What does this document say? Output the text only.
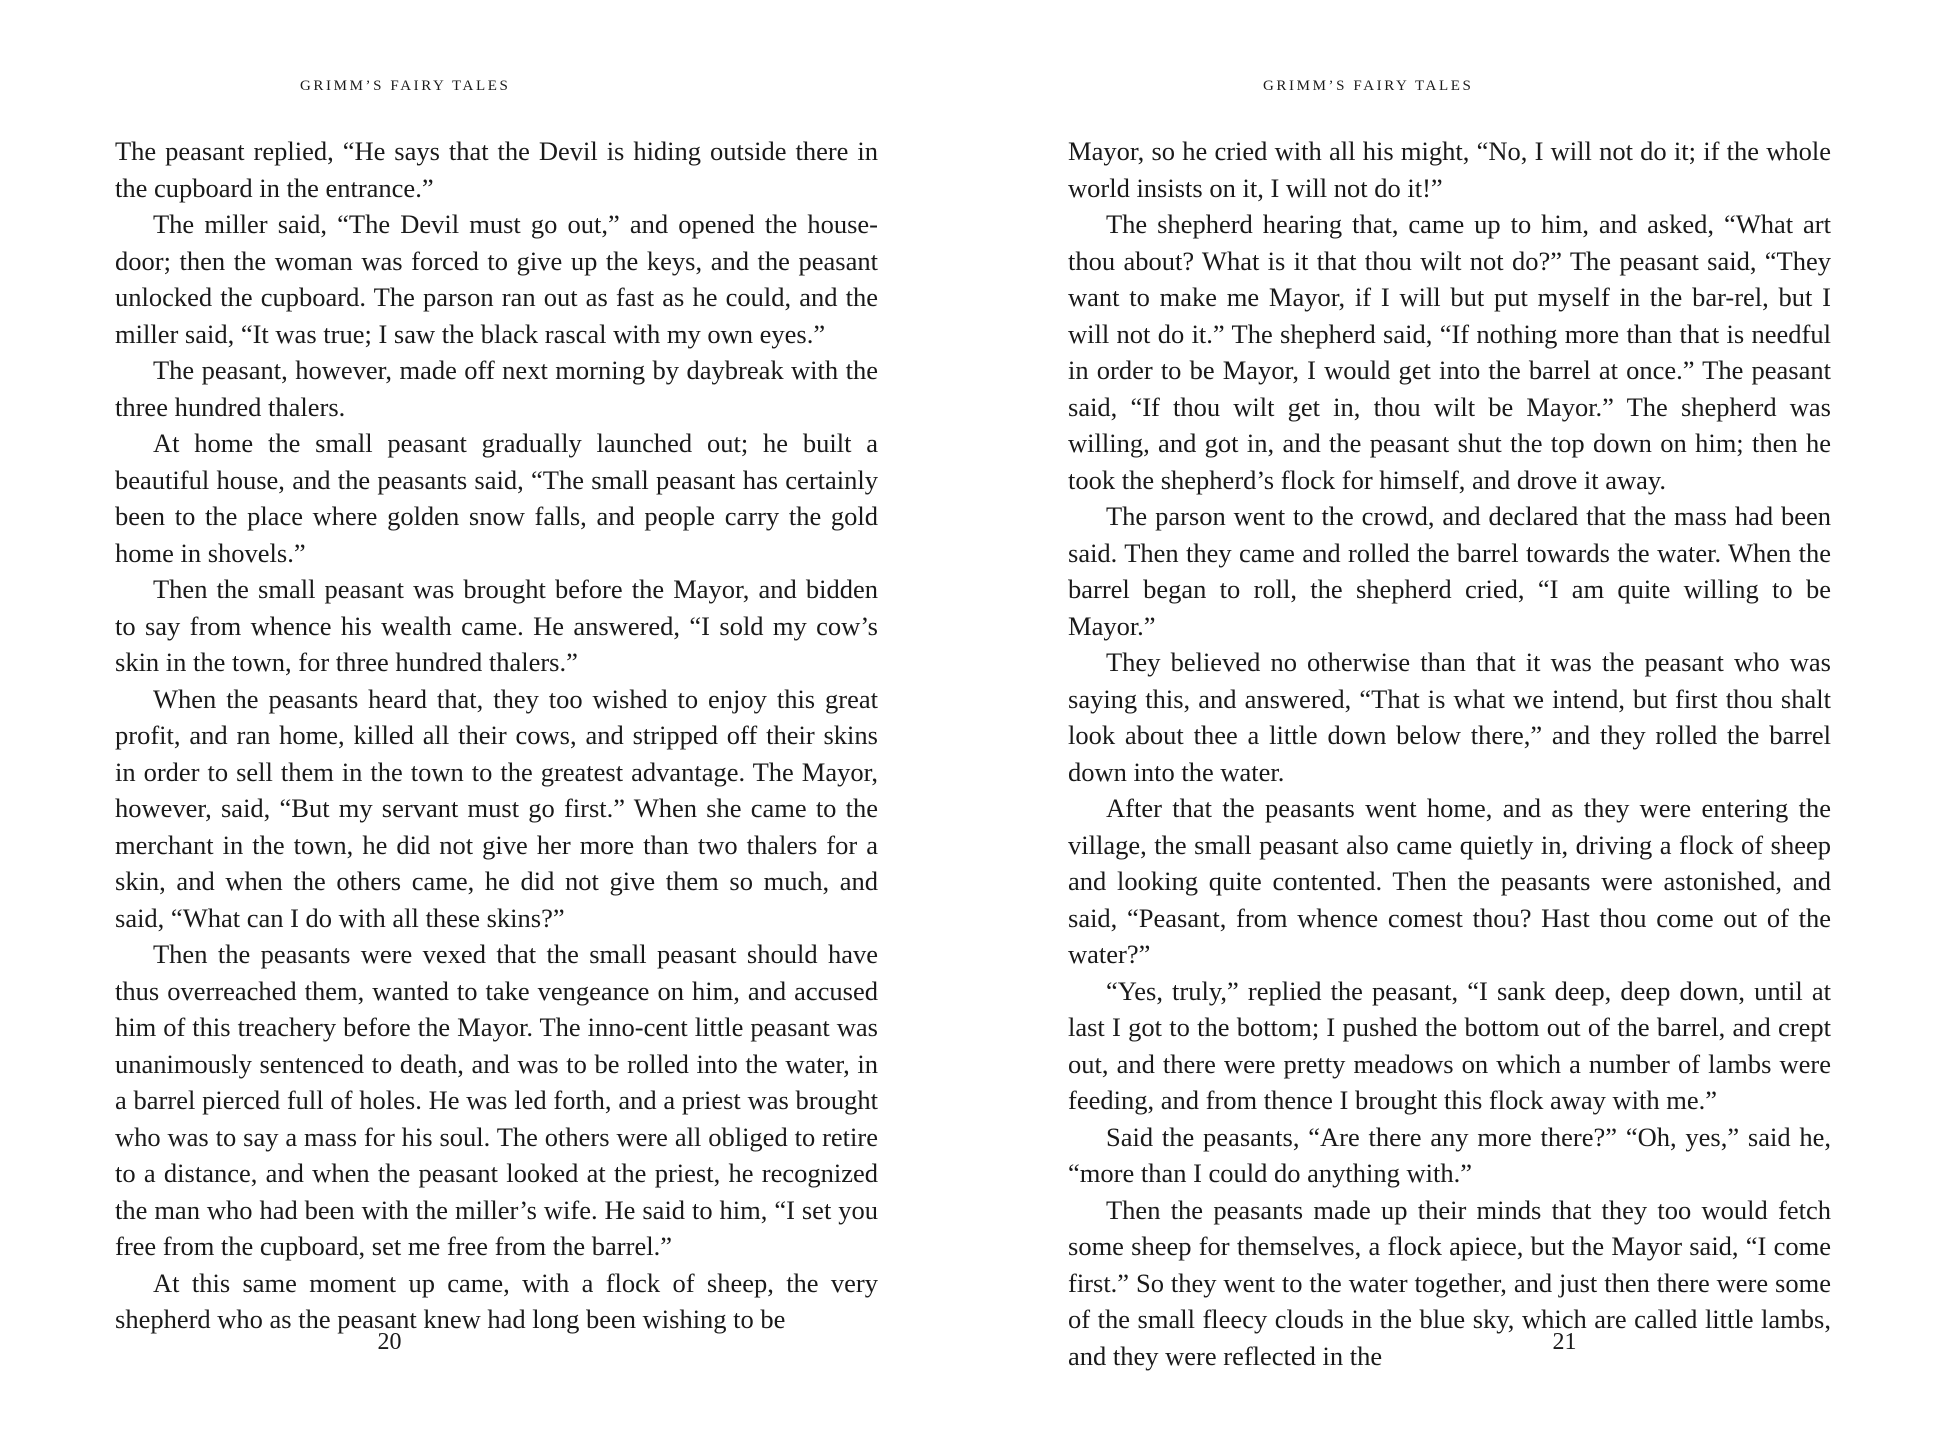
GRIMM’S FAIRY TALES

The peasant replied, “He says that the Devil is hiding outside there in the cupboard in the entrance.”

The miller said, “The Devil must go out,” and opened the house-door; then the woman was forced to give up the keys, and the peasant unlocked the cupboard. The parson ran out as fast as he could, and the miller said, “It was true; I saw the black rascal with my own eyes.”

The peasant, however, made off next morning by daybreak with the three hundred thalers.

At home the small peasant gradually launched out; he built a beautiful house, and the peasants said, “The small peasant has certainly been to the place where golden snow falls, and people carry the gold home in shovels.”

Then the small peasant was brought before the Mayor, and bidden to say from whence his wealth came. He answered, “I sold my cow’s skin in the town, for three hundred thalers.”

When the peasants heard that, they too wished to enjoy this great profit, and ran home, killed all their cows, and stripped off their skins in order to sell them in the town to the greatest advantage. The Mayor, however, said, “But my servant must go first.” When she came to the merchant in the town, he did not give her more than two thalers for a skin, and when the others came, he did not give them so much, and said, “What can I do with all these skins?”

Then the peasants were vexed that the small peasant should have thus overreached them, wanted to take vengeance on him, and accused him of this treachery before the Mayor. The inno-cent little peasant was unanimously sentenced to death, and was to be rolled into the water, in a barrel pierced full of holes. He was led forth, and a priest was brought who was to say a mass for his soul. The others were all obliged to retire to a distance, and when the peasant looked at the priest, he recognized the man who had been with the miller’s wife. He said to him, “I set you free from the cupboard, set me free from the barrel.”

At this same moment up came, with a flock of sheep, the very shepherd who as the peasant knew had long been wishing to be

20
GRIMM’S FAIRY TALES

Mayor, so he cried with all his might, “No, I will not do it; if the whole world insists on it, I will not do it!”

The shepherd hearing that, came up to him, and asked, “What art thou about? What is it that thou wilt not do?” The peasant said, “They want to make me Mayor, if I will but put myself in the bar-rel, but I will not do it.” The shepherd said, “If nothing more than that is needful in order to be Mayor, I would get into the barrel at once.” The peasant said, “If thou wilt get in, thou wilt be Mayor.” The shepherd was willing, and got in, and the peasant shut the top down on him; then he took the shepherd’s flock for himself, and drove it away.

The parson went to the crowd, and declared that the mass had been said. Then they came and rolled the barrel towards the water. When the barrel began to roll, the shepherd cried, “I am quite willing to be Mayor.”

They believed no otherwise than that it was the peasant who was saying this, and answered, “That is what we intend, but first thou shalt look about thee a little down below there,” and they rolled the barrel down into the water.

After that the peasants went home, and as they were entering the village, the small peasant also came quietly in, driving a flock of sheep and looking quite contented. Then the peasants were astonished, and said, “Peasant, from whence comest thou? Hast thou come out of the water?”

“Yes, truly,” replied the peasant, “I sank deep, deep down, until at last I got to the bottom; I pushed the bottom out of the barrel, and crept out, and there were pretty meadows on which a number of lambs were feeding, and from thence I brought this flock away with me.”

Said the peasants, “Are there any more there?” “Oh, yes,” said he, “more than I could do anything with.”

Then the peasants made up their minds that they too would fetch some sheep for themselves, a flock apiece, but the Mayor said, “I come first.” So they went to the water together, and just then there were some of the small fleecy clouds in the blue sky, which are called little lambs, and they were reflected in the	21
